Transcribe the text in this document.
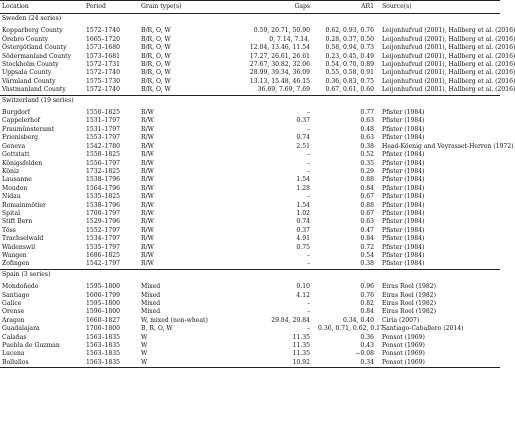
Location	Period	Grain type(s)	Gaps	AR1	Source(s)
Sweden (24 series)					

Kopparberg County	1572–1740	B/R, O, W	0.59, 20.71, 50.90	0.62, 0.93, 0.76	Leijonhufvud (2001), Hallberg et al. (2016)
Örebro County	1665–1720	B/R, O, W	0, 7.14, 7.14,	0.28, 0.37, 0.50	Leijonhufvud (2001), Hallberg et al. (2016)
Östergötland County	1573–1680	B/R, O, W	12.04, 13.46, 11.54	0.58, 0.94, 0.73	Leijonhufvud (2001), Hallberg et al. (2016)
Södermanland County	1573–1681	B/R, O, W	17.27, 26.61, 26.61	0.23, 0.45, 0.49	Leijonhufvud (2001), Hallberg et al. (2016)
Stockholm County	1572–1731	B/R, O, W	27.67, 30.82, 32.06	0.54, 0.70, 0.89	Leijonhufvud (2001), Hallberg et al. (2016)
Uppsala County	1572–1740	B/R, O, W	28.99, 39.34, 36.09	0.55, 0.58, 0.91	Leijonhufvud (2001), Hallberg et al. (2016)
Värmland County	1575–1730	B/R, O, W	13.13, 15.48, 46.15	0.36, 0.83, 0.75	Leijonhufvud (2001), Hallberg et al. (2016)
Västmanland County	1572–1740	B/R, O, W	36.69, 7.69, 7.69	0.67, 0.61, 0.60	Leijonhufvud (2001), Hallberg et al. (2016)
Switzerland (19 series)					

Burgdorf	1550–1825	R/W	–	0.77	Pfister (1984)
Cappelerhof	1531–1797	R/W	0.37	0.63	Pfister (1984)
Fraumünsteramt	1531–1797	R/W	–	0.48	Pfister (1984)
Frienisberg	1553–1797	R/W	0.74	0.63	Pfister (1984)
Geneva	1542–1780	R/W	2.51	0.38	Head-Köenig and Veyrasset-Herren (1972)
Gottstatt	1558–1825	R/W	–	0.52	Pfister (1984)
Königsfelden	1556–1797	R/W	–	0.35	Pfister (1984)
Köniz	1732–1825	R/W	–	0.29	Pfister (1984)
Lausanne	1538–1796	R/W	1.54	0.88	Pfister (1984)
Moudon	1564–1796	R/W	1.28	0.84	Pfister (1984)
Nidau	1535–1825	R/W	–	0.67	Pfister (1984)
Romainmötier	1538–1796	R/W	1.54	0.88	Pfister (1984)
Spital	1700–1797	R/W	1.02	0.67	Pfister (1984)
Stift Bern	1529–1796	R/W	0.74	0.63	Pfister (1984)
Töss	1552–1797	R/W	0.37	0.47	Pfister (1984)
Trachselwald	1534–1797	R/W	4.91	0.84	Pfister (1984)
Wädenswil	1535–1797	R/W	0.75	0.72	Pfister (1984)
Wangen	1686–1825	R/W	–	0.54	Pfister (1984)
Zofingen	1542–1797	R/W	–	0.38	Pfister (1984)
Spain (3 series)					

Mondoñedo	1595–1800	Mixed	0.10	0.96	Eiras Roel (1982)
Santiago	1606–1799	Mixed	4.12	0.76	Eiras Roel (1982)
Galice	1595–1800	Mixed	–	0.82	Eiras Roel (1982)
Orense	1596–1800	Mixed	–	0.84	Eiras Roel (1982)
Aragon	1660–1827	W, mixed (non-wheat)	29.84, 29.84	0.34, 0.40	Ciria (2007)
Guadalajara	1700–1800	B, R, O, W	–	0.36, 0.71, 0.62, 0.17	Santiago-Caballero (2014)
Calañas	1563–1835	W	11.35	0.36	Ponsot (1969)
Puebla de Guzman	1563–1835	W	11.35	0.43	Ponsot (1969)
Lucena	1563–1835	W	11.35	−0.08	Ponsot (1969)
Bollullos	1563–1835	W	10.92	0.34	Ponsot (1969)
